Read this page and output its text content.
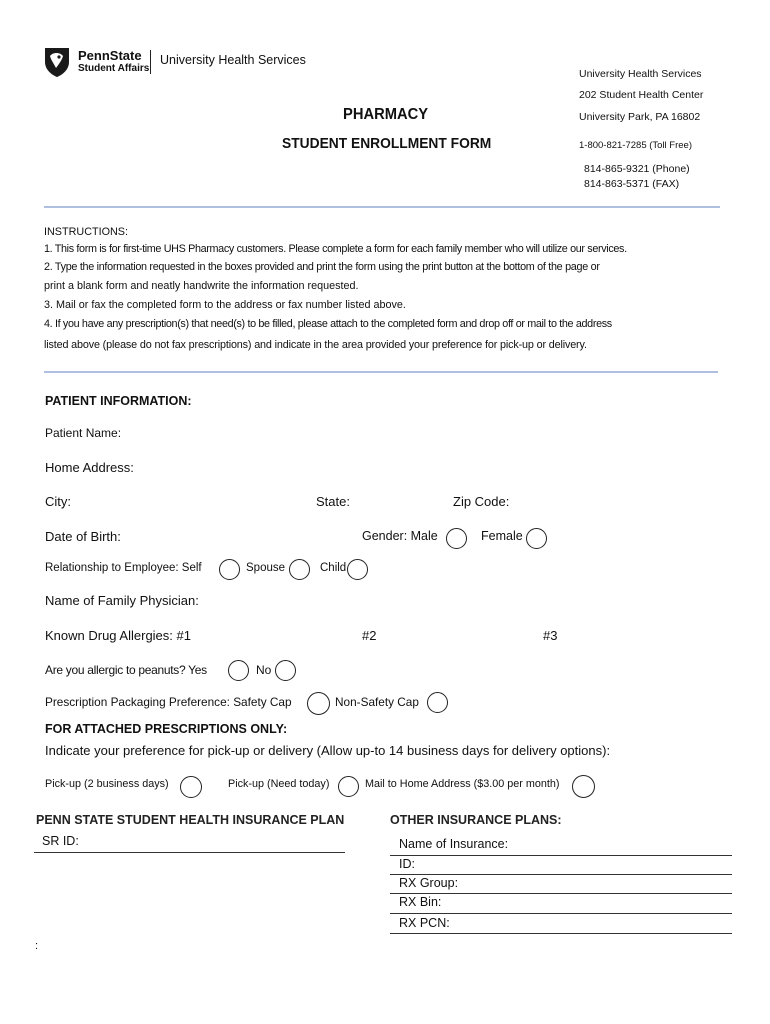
PennState
Student Affairs
University Health Services
PHARMACY
STUDENT ENROLLMENT FORM
University Health Services
202 Student Health Center
University Park, PA 16802
1-800-821-7285 (Toll Free)
814-865-9321 (Phone)
814-863-5371 (FAX)
INSTRUCTIONS:
1. This form is for first-time UHS Pharmacy customers. Please complete a form for each family member who will utilize our services.
2. Type the information requested in the boxes provided and print the form using the print button at the bottom of the page or
print a blank form and neatly handwrite the information requested.
3. Mail or fax the completed form to the address or fax number listed above.
4. If you have any prescription(s) that need(s) to be filled, please attach to the completed form and drop off or mail to the address
listed above (please do not fax prescriptions) and indicate in the area provided your preference for pick-up or delivery.
PATIENT INFORMATION:
Patient Name:
Home Address:
City:	State:	Zip Code:
Date of Birth:	Gender: Male	Female
Relationship to Employee: Self	Spouse	Child
Name of Family Physician:
Known Drug Allergies: #1	#2	#3
Are you allergic to peanuts? Yes	No
Prescription Packaging Preference: Safety Cap	Non-Safety Cap
FOR ATTACHED PRESCRIPTIONS ONLY:
Indicate your preference for pick-up or delivery (Allow up-to 14 business days for delivery options):
Pick-up (2 business days)	Pick-up (Need today)	Mail to Home Address ($3.00 per month)
PENN STATE STUDENT HEALTH INSURANCE PLAN
SR ID:
OTHER INSURANCE PLANS:
Name of Insurance:
ID:
RX Group:
RX Bin:
RX PCN:
:
